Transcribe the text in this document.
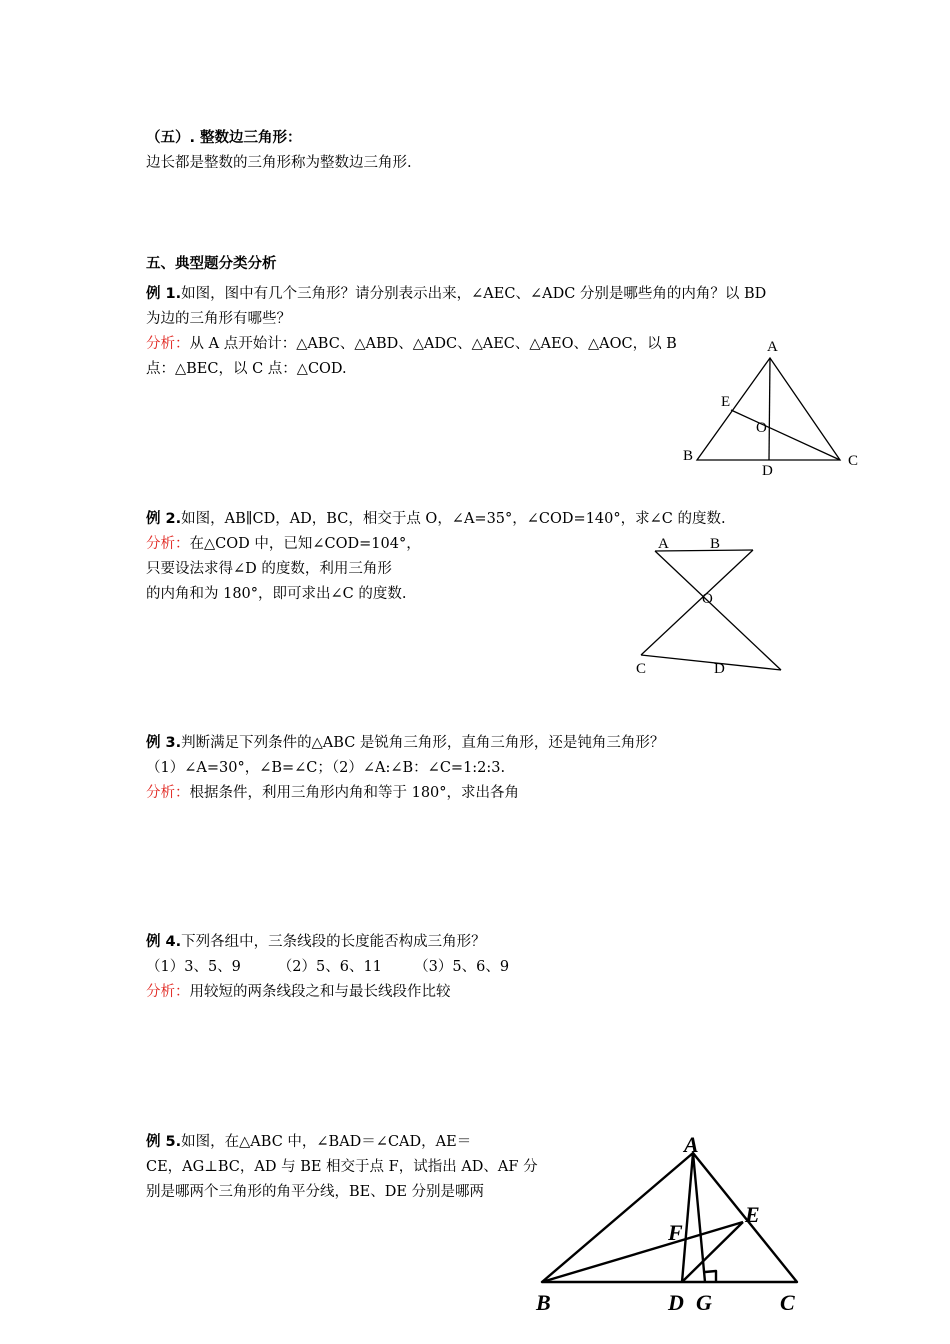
（五）. 整数边三角形：
边长都是整数的三角形称为整数边三角形.
五、典型题分类分析
例 1.如图，图中有几个三角形？请分别表示出来，∠AEC、∠ADC 分别是哪些角的内角？以 BD
为边的三角形有哪些？
分析：从 A 点开始计：△ABC、△ABD、△ADC、△AEC、△AEO、△AOC，以 B
点：△BEC，以 C 点：△COD.
A
E
O
B
D
C
例 2.如图，AB∥CD，AD，BC，相交于点 O，∠A=35°，∠COD=140°，求∠C 的度数.
分析：在△COD 中，已知∠COD=104°，
只要设法求得∠D 的度数，利用三角形
的内角和为 180°，即可求出∠C 的度数.
A	B
O
C	D
例 3.判断满足下列条件的△ABC 是锐角三角形，直角三角形，还是钝角三角形？
（1）∠A=30°，∠B=∠C；（2）∠A:∠B：∠C=1:2:3.
分析：根据条件，利用三角形内角和等于 180°，求出各角
例 4.下列各组中，三条线段的长度能否构成三角形？
（1）3、5、9        （2）5、6、11       （3）5、6、9
分析：用较短的两条线段之和与最长线段作比较
例 5.如图，在△ABC 中，∠BAD＝∠CAD，AE＝
CE，AG⊥BC，AD 与 BE 相交于点 F，试指出 AD、AF 分
别是哪两个三角形的角平分线，BE、DE 分别是哪两
A
E
F
B	D G	C
